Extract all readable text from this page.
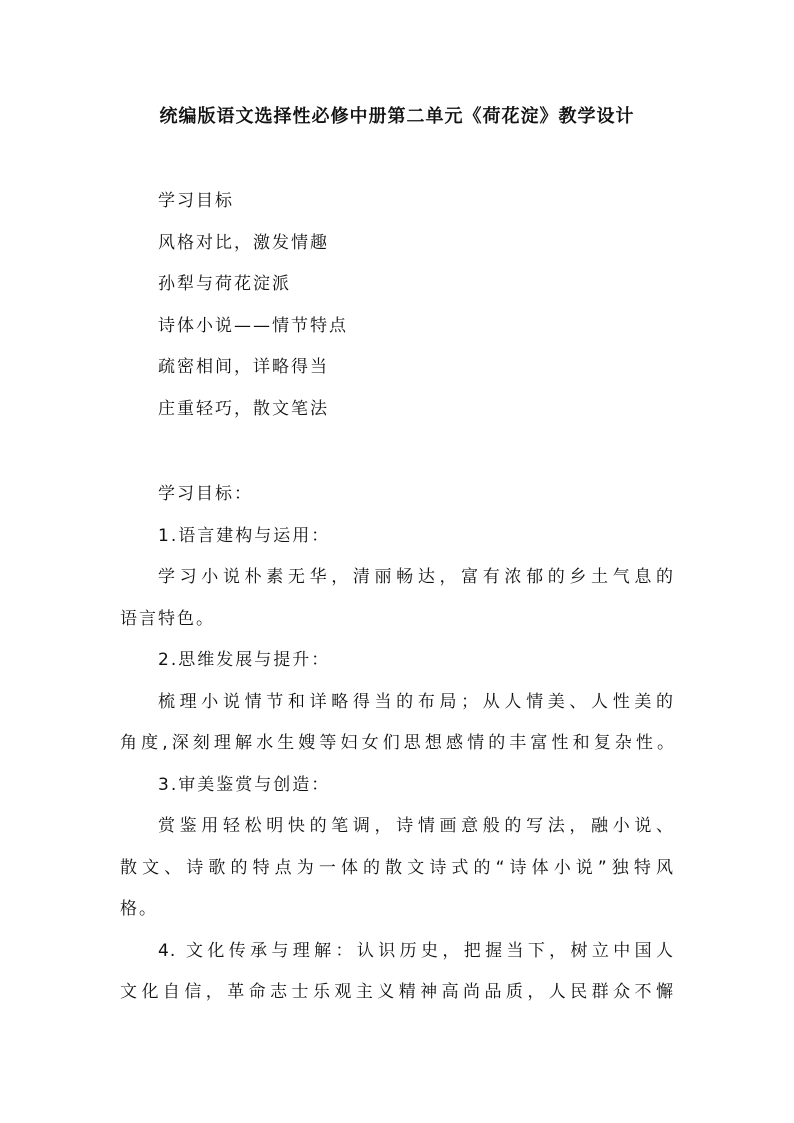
统编版语文选择性必修中册第二单元《荷花淀》教学设计
学习目标
风格对比，激发情趣
孙犁与荷花淀派
诗体小说——情节特点
疏密相间，详略得当
庄重轻巧，散文笔法
学习目标：
1.语言建构与运用：
学习小说朴素无华，清丽畅达，富有浓郁的乡土气息的
语言特色。
2.思维发展与提升：
梳理小说情节和详略得当的布局；从人情美、人性美的
角度,深刻理解水生嫂等妇女们思想感情的丰富性和复杂性。
3.审美鉴赏与创造：
赏鉴用轻松明快的笔调，诗情画意般的写法，融小说、
散文、诗歌的特点为一体的散文诗式的“诗体小说”独特风
格。
4. 文化传承与理解：认识历史，把握当下，树立中国人
文化自信，革命志士乐观主义精神高尚品质，人民群众不懈
